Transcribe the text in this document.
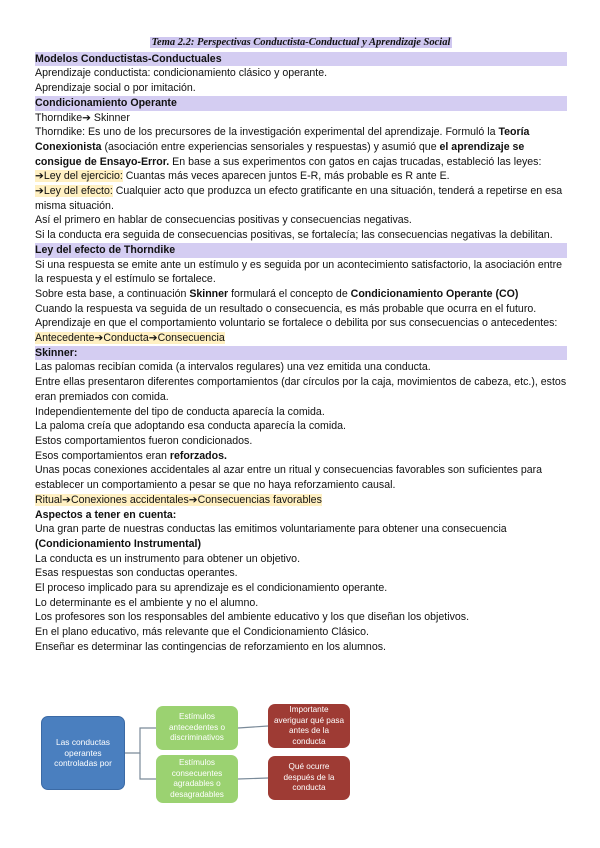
Tema 2.2: Perspectivas Conductista-Conductual y Aprendizaje Social
Modelos Conductistas-Conductuales

Aprendizaje conductista: condicionamiento clásico y operante.

Aprendizaje social o por imitación.

Condicionamiento Operante

Thorndike➔ Skinner

Thorndike: Es uno de los precursores de la investigación experimental del aprendizaje. Formuló la Teoría Conexionista (asociación entre experiencias sensoriales y respuestas) y asumió que el aprendizaje se consigue de Ensayo-Error. En base a sus experimentos con gatos en cajas trucadas, estableció las leyes:

➔Ley del ejercicio: Cuantas más veces aparecen juntos E-R, más probable es R ante E.

➔Ley del efecto: Cualquier acto que produzca un efecto gratificante en una situación, tenderá a repetirse en esa misma situación.

Así el primero en hablar de consecuencias positivas y consecuencias negativas.

Si la conducta era seguida de consecuencias positivas, se fortalecía; las consecuencias negativas la debilitan.

Ley del efecto de Thorndike

Si una respuesta se emite ante un estímulo y es seguida por un acontecimiento satisfactorio, la asociación entre la respuesta y el estímulo se fortalece.

Sobre esta base, a continuación Skinner formulará el concepto de Condicionamiento Operante (CO)

Cuando la respuesta va seguida de un resultado o consecuencia, es más probable que ocurra en el futuro.

Aprendizaje en que el comportamiento voluntario se fortalece o debilita por sus consecuencias o antecedentes:

Antecedente➔Conducta➔Consecuencia

Skinner:

Las palomas recibían comida (a intervalos regulares) una vez emitida una conducta.

Entre ellas presentaron diferentes comportamientos (dar círculos por la caja, movimientos de cabeza, etc.), estos eran premiados con comida.

Independientemente del tipo de conducta aparecía la comida.

La paloma creía que adoptando esa conducta aparecía la comida.

Estos comportamientos fueron condicionados.

Esos comportamientos eran reforzados.

Unas pocas conexiones accidentales al azar entre un ritual y consecuencias favorables son suficientes para establecer un comportamiento a pesar se que no haya reforzamiento causal.

Ritual➔Conexiones accidentales➔Consecuencias favorables

Aspectos a tener en cuenta:

Una gran parte de nuestras conductas las emitimos voluntariamente para obtener una consecuencia

(Condicionamiento Instrumental)

La conducta es un instrumento para obtener un objetivo.

Esas respuestas son conductas operantes.

El proceso implicado para su aprendizaje es el condicionamiento operante.

Lo determinante es el ambiente y no el alumno.

Los profesores son los responsables del ambiente educativo y los que diseñan los objetivos.

En el plano educativo, más relevante que el Condicionamiento Clásico.

Enseñar es determinar las contingencias de reforzamiento en los alumnos.

Las conductas operantes controladas por
Estímulos antecedentes o discriminativos
Estímulos consecuentes agradables o desagradables
Importante averiguar qué pasa antes de la conducta
Qué ocurre después de la conducta
